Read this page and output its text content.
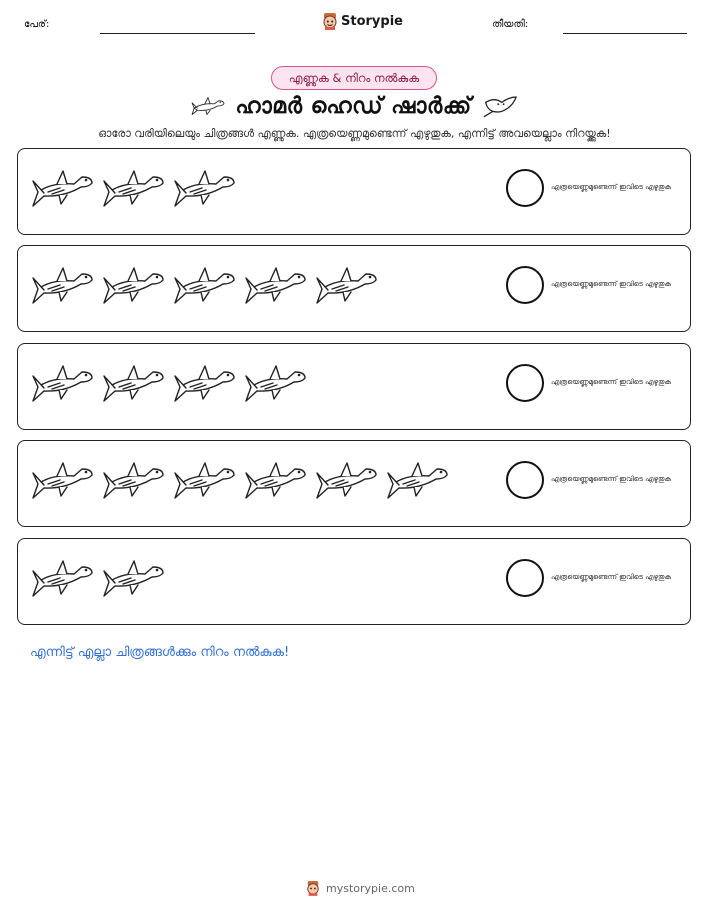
പേര്:	Storypie	തീയതി:
എണ്ണുക & നിറം നൽകുക
ഹാമർ ഹെഡ് ഷാർക്ക്
ഓരോ വരിയിലെയും ചിത്രങ്ങൾ എണ്ണുക. എത്രയെണ്ണമുണ്ടെന്ന് എഴുതുക, എന്നിട്ട് അവയെല്ലാം നിറയ്ക്കുക!
എത്രയെണ്ണമുണ്ടെന്ന് ഇവിടെ എഴുതുക
എത്രയെണ്ണമുണ്ടെന്ന് ഇവിടെ എഴുതുക
എത്രയെണ്ണമുണ്ടെന്ന് ഇവിടെ എഴുതുക
എത്രയെണ്ണമുണ്ടെന്ന് ഇവിടെ എഴുതുക
എത്രയെണ്ണമുണ്ടെന്ന് ഇവിടെ എഴുതുക
എന്നിട്ട് എല്ലാ ചിത്രങ്ങൾക്കും നിറം നൽകുക!
mystorypie.com
